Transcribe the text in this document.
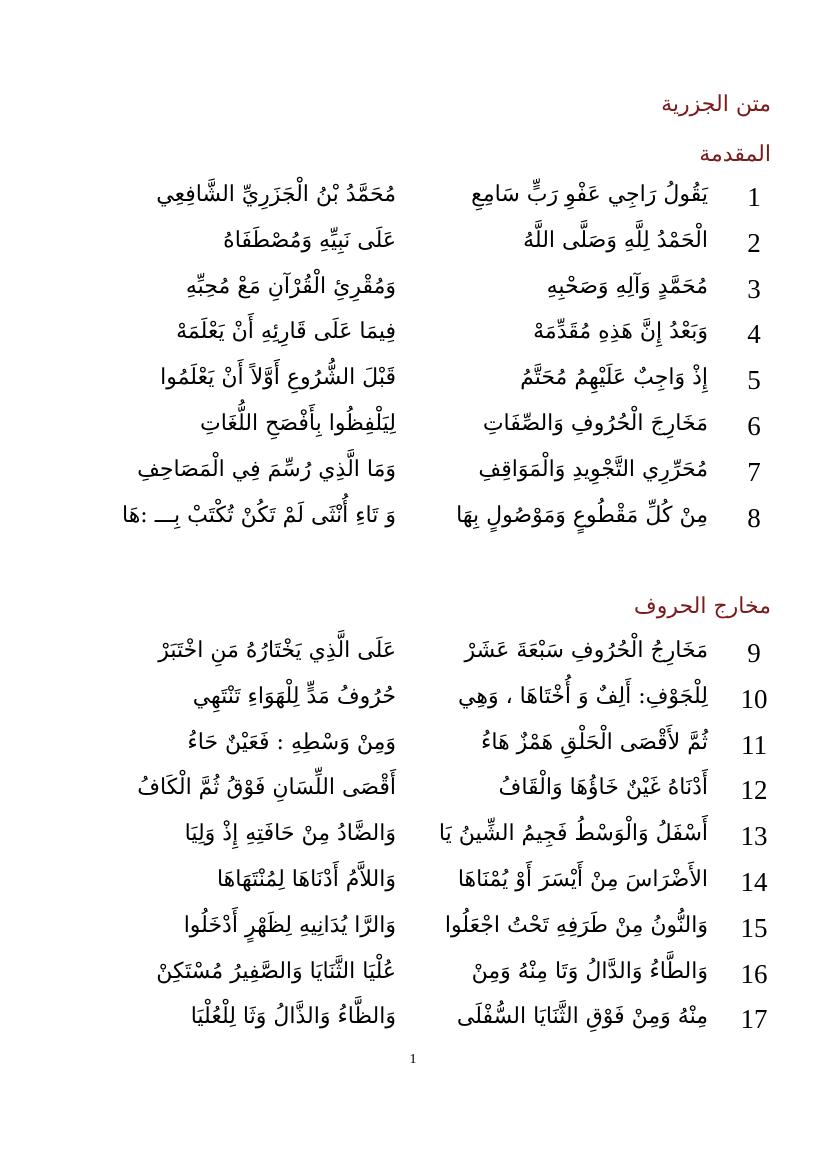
متن الجزرية
المقدمة
1
يَقُولُ رَاجِي عَفْوِ رَبٍّ سَامِعِ
مُحَمَّدُ بْنُ الْجَزَرِيِّ الشَّافِعِي
2
الْحَمْدُ لِلَّهِ وَصَلَّى اللَّهُ
عَلَى نَبِيِّهِ وَمُصْطَفَاهُ
3
مُحَمَّدٍ وَآلِهِ وَصَحْبِهِ
وَمُقْرِئِ الْقُرْآنِ مَعْ مُحِبِّهِ
4
وَبَعْدُ إِنَّ هَذِهِ مُقَدِّمَهْ
فِيمَا عَلَى قَارِئِهِ أَنْ يَعْلَمَهْ
5
إِذْ وَاجِبٌ عَلَيْهِمُ مُحَتَّمُ
قَبْلَ الشُّرُوعِ أَوَّلاً أَنْ يَعْلَمُوا
6
مَخَارِجَ الْحُرُوفِ وَالصِّفَاتِ
لِيَلْفِظُوا بِأَفْصَحِ اللُّغَاتِ
7
مُحَرِّرِي التَّجْوِيدِ وَالْمَوَاقِفِ
وَمَا الَّذِي رُسِّمَ فِي الْمَصَاحِفِ
8
مِنْ كُلِّ مَقْطُوعٍ وَمَوْصُولٍ بِهَا
وَ تَاءِ أُنْثَى لَمْ تَكُنْ تُكْتَبْ بِـــ :هَا
مخارج الحروف
9
مَخَارِجُ الْحُرُوفِ سَبْعَةَ عَشَرْ
عَلَى الَّذِي يَخْتَارُهُ مَنِ اخْتَبَرْ
10
لِلْجَوْفِ: أَلِفٌ وَ أُخْتَاهَا ، وَهِي
حُرُوفُ مَدٍّ لِلْهَوَاءِ تَنْتَهِي
11
ثُمَّ لأَقْصَى الْحَلْقِ هَمْزٌ هَاءُ
وَمِنْ وَسْطِهِ : فَعَيْنٌ حَاءُ
12
أَدْنَاهُ غَيْنٌ خَاؤُهَا وَالْقَافُ
أَقْصَى اللِّسَانِ فَوْقُ ثُمَّ الْكَافُ
13
أَسْفَلُ وَالْوَسْطُ فَجِيمُ الشِّينُ يَا
وَالضَّادُ مِنْ حَافَتِهِ إِذْ وَلِيَا
14
الأَضْرَاسَ مِنْ أَيْسَرَ أَوْ يُمْنَاهَا
وَاللاَّمُ أَدْنَاهَا لِمُنْتَهَاهَا
15
وَالنُّونُ مِنْ طَرَفِهِ تَحْتُ اجْعَلُوا
وَالرَّا يُدَانِيهِ لِظَهْرٍ أَدْخَلُوا
16
وَالطَّاءُ وَالدَّالُ وَتَا مِنْهُ وَمِنْ
عُلْيَا الثَّنَايَا وَالصَّفِيرُ مُسْتَكِنْ
17
مِنْهُ وَمِنْ فَوْقِ الثَّنَايَا السُّفْلَى
وَالظَّاءُ وَالذَّالُ وَثَا لِلْعُلْيَا
1
